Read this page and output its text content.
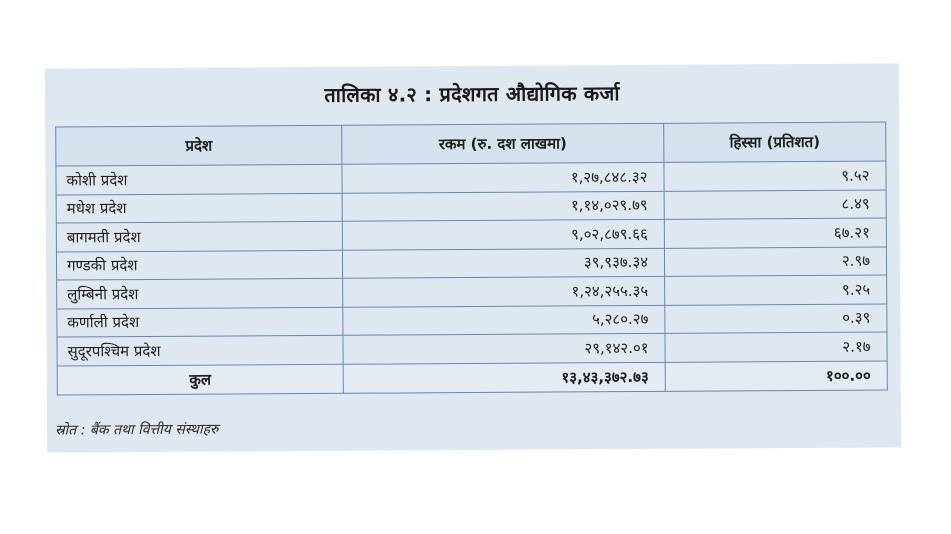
तालिका ४.२ : प्रदेशगत औद्योगिक कर्जा
प्रदेश	रकम (रु. दश लाखमा)	हिस्सा (प्रतिशत)
कोशी प्रदेश	१,२७,८४८.३२	९.५२
मधेश प्रदेश	१,१४,०२९.७९	८.४९
बागमती प्रदेश	९,०२,८७९.६६	६७.२१
गण्डकी प्रदेश	३९,९३७.३४	२.९७
लुम्बिनी प्रदेश	१,२४,२५५.३५	९.२५
कर्णाली प्रदेश	५,२८०.२७	०.३९
सुदूरपश्चिम प्रदेश	२९,१४२.०१	२.१७
कुल	१३,४३,३७२.७३	१००.००
स्रोत : बैंक तथा वित्तीय संस्थाहरु
